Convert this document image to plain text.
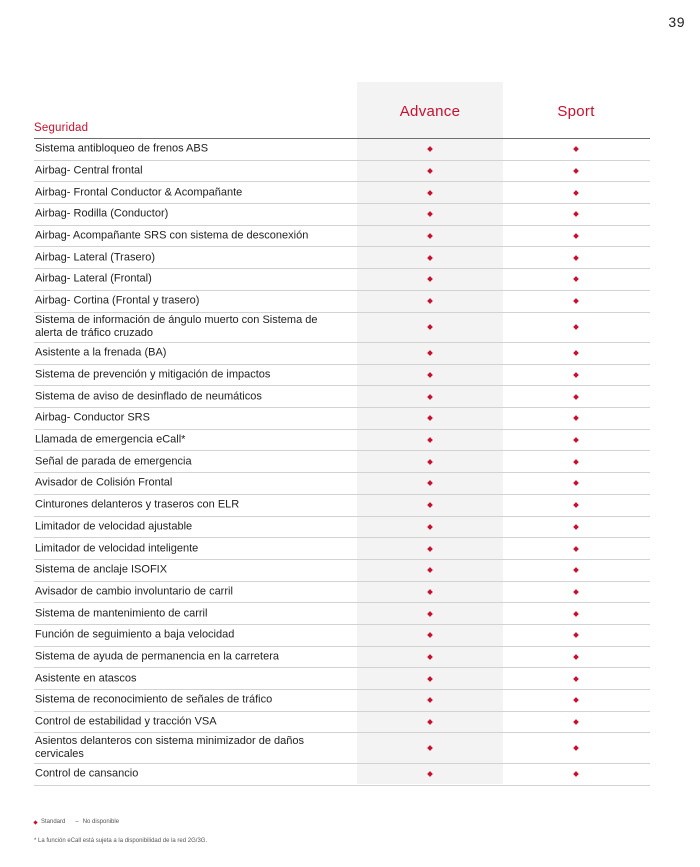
39
Seguridad
Advance	Sport
Sistema antibloqueo de frenos ABS
Airbag- Central frontal
Airbag- Frontal Conductor & Acompañante
Airbag- Rodilla (Conductor)
Airbag- Acompañante SRS con sistema de desconexión
Airbag- Lateral (Trasero)
Airbag- Lateral (Frontal)
Airbag- Cortina (Frontal y trasero)
Sistema de información de ángulo muerto con Sistema de alerta de tráfico cruzado
Asistente a la frenada (BA)
Sistema de prevención y mitigación de impactos
Sistema de aviso de desinflado de neumáticos
Airbag- Conductor SRS
Llamada de emergencia eCall*
Señal de parada de emergencia
Avisador de Colisión Frontal
Cinturones delanteros y traseros con ELR
Limitador de velocidad ajustable
Limitador de velocidad inteligente
Sistema de anclaje ISOFIX
Avisador de cambio involuntario de carril
Sistema de mantenimiento de carril
Función de seguimiento a baja velocidad
Sistema de ayuda de permanencia en la carretera
Asistente en atascos
Sistema de reconocimiento de señales de tráfico
Control de estabilidad y tracción VSA
Asientos delanteros con sistema minimizador de daños cervicales
Control de cansancio
Standard – No disponible
* La función eCall está sujeta a la disponibilidad de la red 2G/3G.
